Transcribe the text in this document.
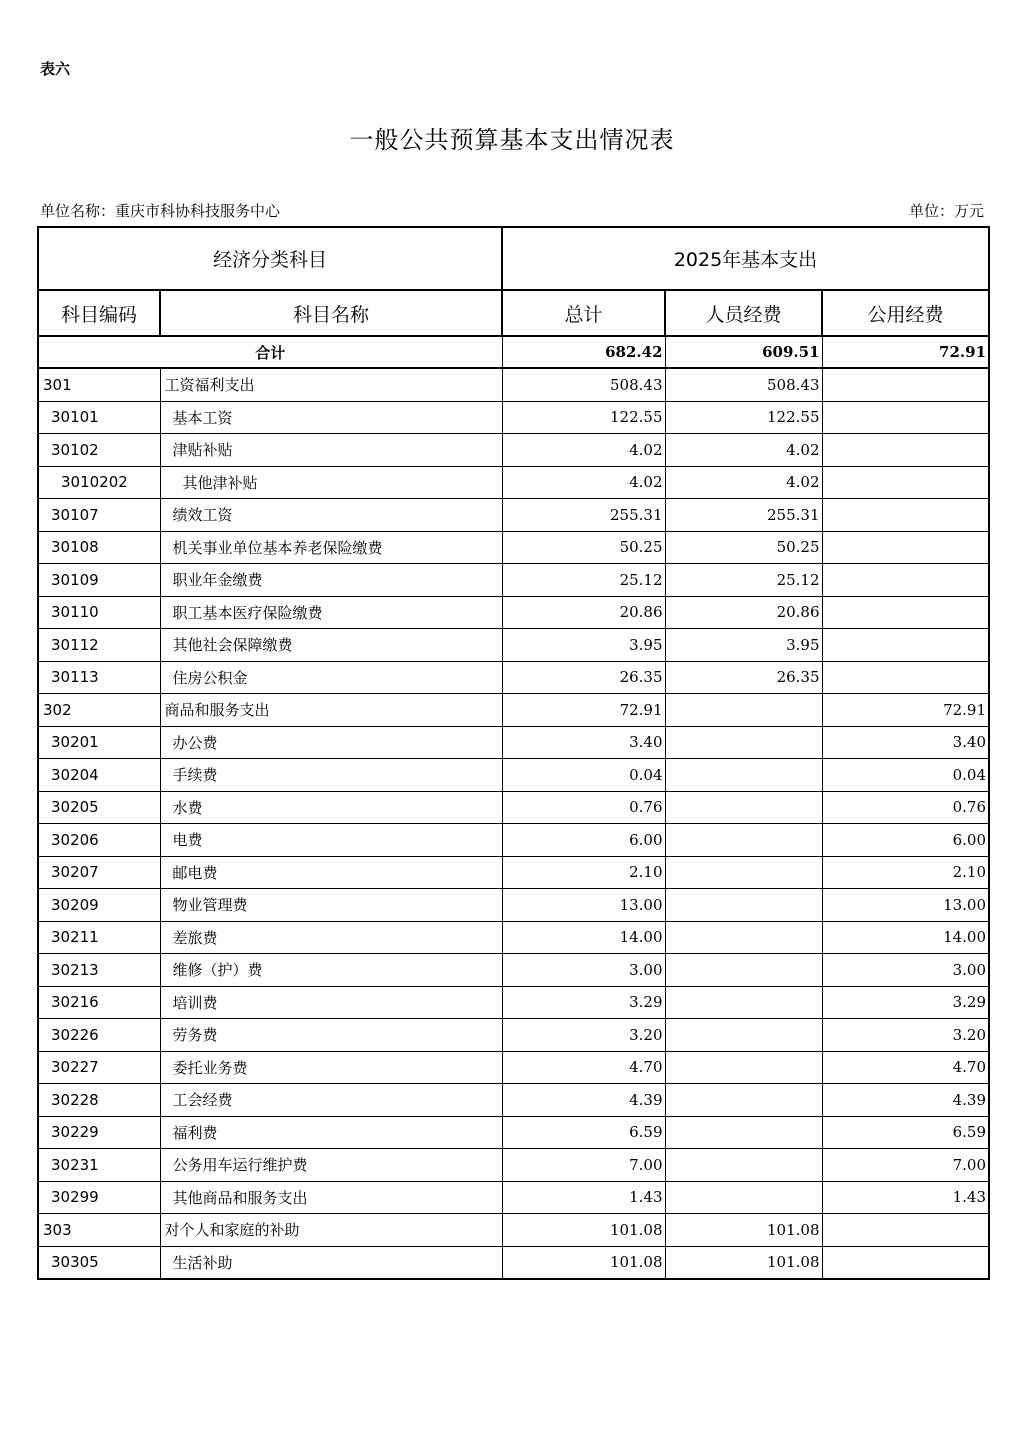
表六
一般公共预算基本支出情况表
单位名称：重庆市科协科技服务中心	单位：万元
经济分类科目		2025年基本支出		
科目编码	科目名称	总计	人员经费	公用经费
合计		682.42	609.51	72.91
301	工资福利支出	508.43	508.43	
30101	基本工资	122.55	122.55	
30102	津贴补贴	4.02	4.02	
3010202	其他津补贴	4.02	4.02	
30107	绩效工资	255.31	255.31	
30108	机关事业单位基本养老保险缴费	50.25	50.25	
30109	职业年金缴费	25.12	25.12	
30110	职工基本医疗保险缴费	20.86	20.86	
30112	其他社会保障缴费	3.95	3.95	
30113	住房公积金	26.35	26.35	
302	商品和服务支出	72.91		72.91
30201	办公费	3.40		3.40
30204	手续费	0.04		0.04
30205	水费	0.76		0.76
30206	电费	6.00		6.00
30207	邮电费	2.10		2.10
30209	物业管理费	13.00		13.00
30211	差旅费	14.00		14.00
30213	维修（护）费	3.00		3.00
30216	培训费	3.29		3.29
30226	劳务费	3.20		3.20
30227	委托业务费	4.70		4.70
30228	工会经费	4.39		4.39
30229	福利费	6.59		6.59
30231	公务用车运行维护费	7.00		7.00
30299	其他商品和服务支出	1.43		1.43
303	对个人和家庭的补助	101.08	101.08	
30305	生活补助	101.08	101.08	
